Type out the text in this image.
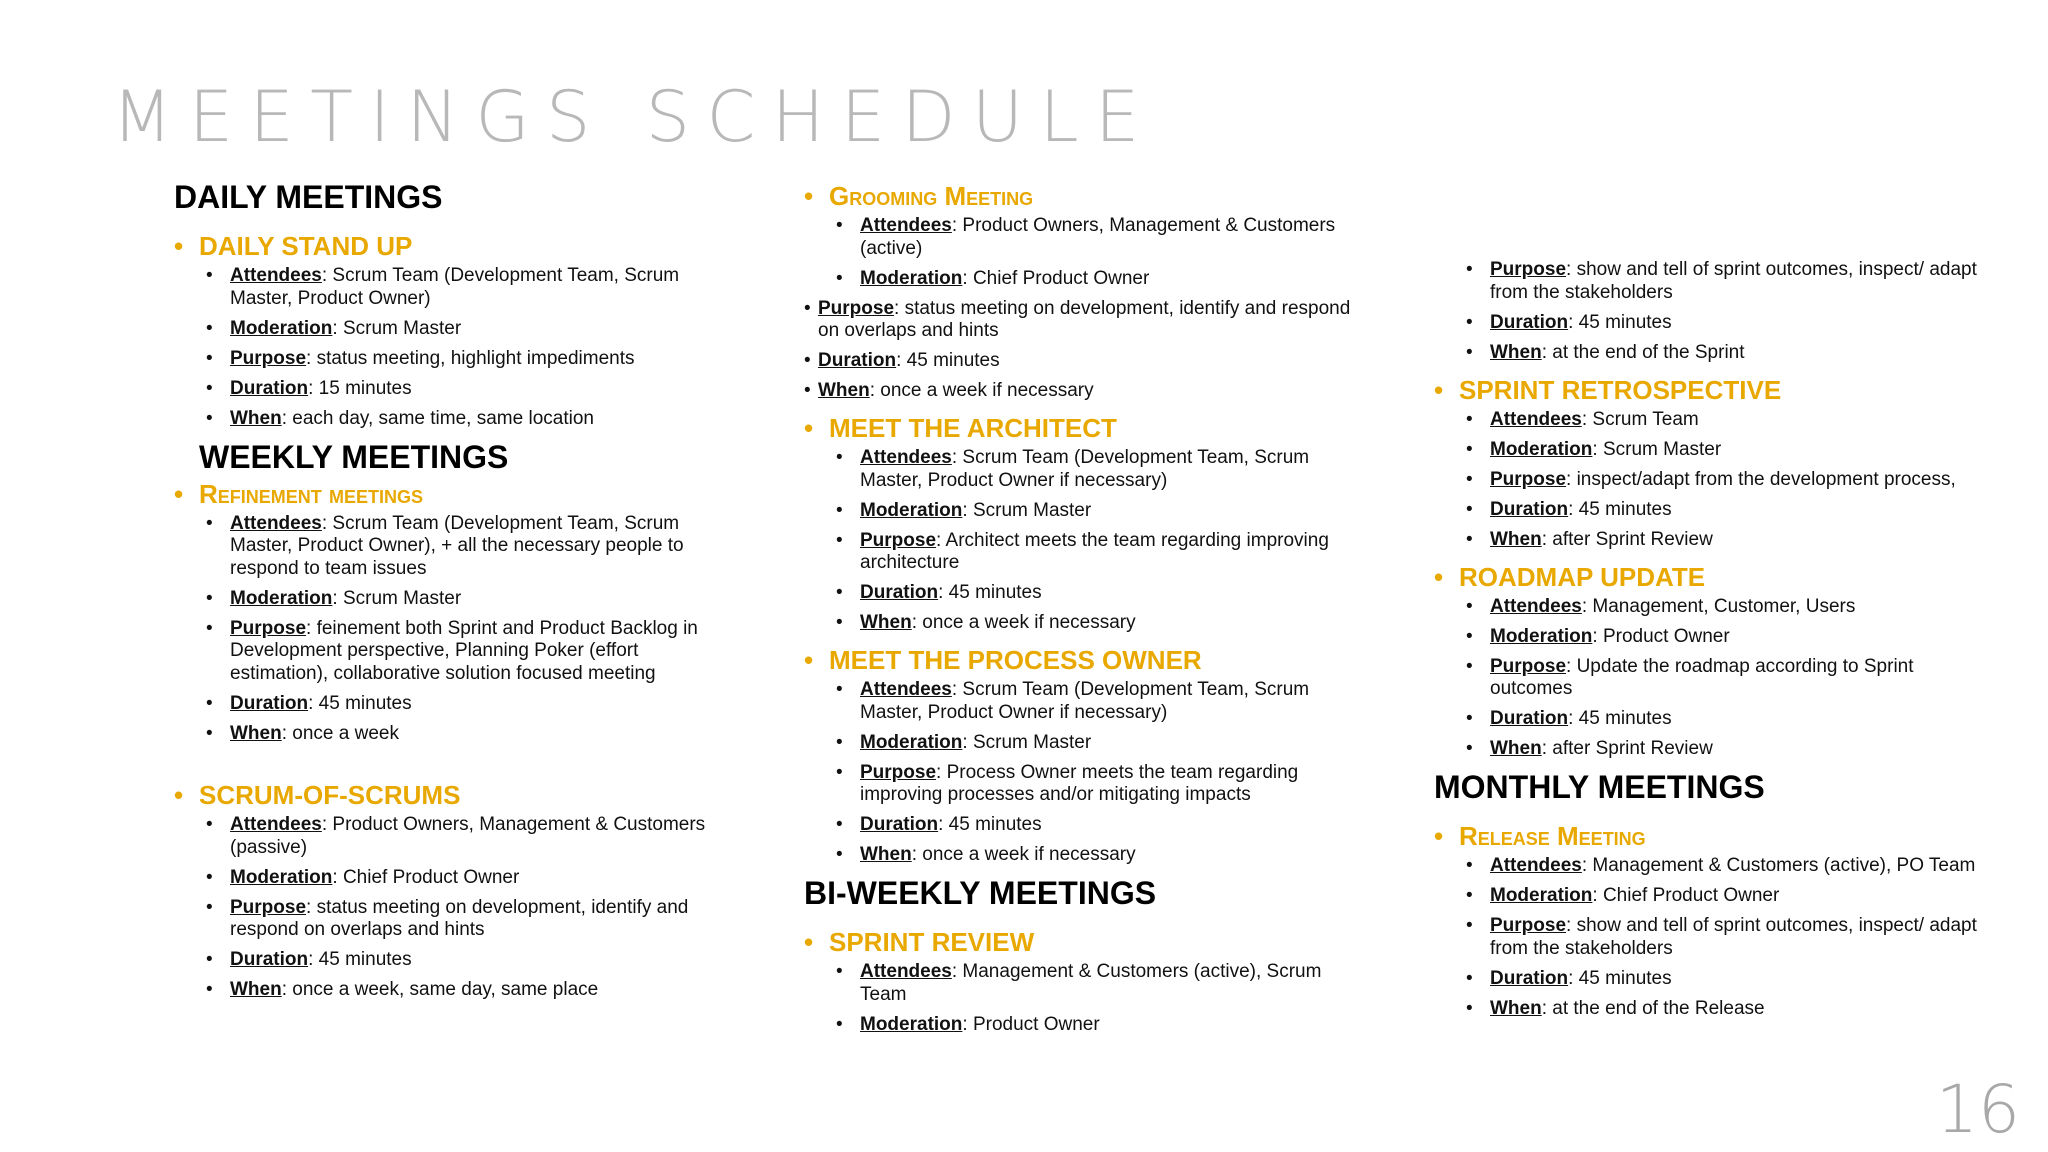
MEETINGS SCHEDULE
DAILY MEETINGS
• DAILY STAND UP
• Attendees: Scrum Team (Development Team, Scrum Master, Product Owner)
• Moderation: Scrum Master
• Purpose: status meeting, highlight impediments
• Duration: 15 minutes
• When: each day, same time, same location
WEEKLY MEETINGS
• Refinement meetings
• Attendees: Scrum Team (Development Team, Scrum Master, Product Owner), + all the necessary people to respond to team issues
• Moderation: Scrum Master
• Purpose: feinement both Sprint and Product Backlog in Development perspective, Planning Poker (effort estimation), collaborative solution focused meeting
• Duration: 45 minutes
• When: once a week
• SCRUM-OF-SCRUMS
• Attendees: Product Owners, Management & Customers (passive)
• Moderation: Chief Product Owner
• Purpose: status meeting on development, identify and respond on overlaps and hints
• Duration: 45 minutes
• When: once a week, same day, same place
• Grooming Meeting
• Attendees: Product Owners, Management & Customers (active)
• Moderation: Chief Product Owner
• Purpose: status meeting on development, identify and respond on overlaps and hints
• Duration: 45 minutes
• When: once a week if necessary
• MEET THE ARCHITECT
• Attendees: Scrum Team (Development Team, Scrum Master, Product Owner if necessary)
• Moderation: Scrum Master
• Purpose: Architect meets the team regarding improving architecture
• Duration: 45 minutes
• When: once a week if necessary
• MEET THE PROCESS OWNER
• Attendees: Scrum Team (Development Team, Scrum Master, Product Owner if necessary)
• Moderation: Scrum Master
• Purpose: Process Owner meets the team regarding improving processes and/or mitigating impacts
• Duration: 45 minutes
• When: once a week if necessary
BI-WEEKLY MEETINGS
• SPRINT REVIEW
• Attendees: Management & Customers (active), Scrum Team
• Moderation: Product Owner
• Purpose: show and tell of sprint outcomes, inspect/ adapt from the stakeholders
• Duration: 45 minutes
• When: at the end of the Sprint
• SPRINT RETROSPECTIVE
• Attendees: Scrum Team
• Moderation: Scrum Master
• Purpose: inspect/adapt from the development process,
• Duration: 45 minutes
• When: after Sprint Review
• ROADMAP UPDATE
• Attendees: Management, Customer, Users
• Moderation: Product Owner
• Purpose: Update the roadmap according to Sprint outcomes
• Duration: 45 minutes
• When: after Sprint Review
MONTHLY MEETINGS
• Release Meeting
• Attendees: Management & Customers (active), PO Team
• Moderation: Chief Product Owner
• Purpose: show and tell of sprint outcomes, inspect/ adapt from the stakeholders
• Duration: 45 minutes
• When: at the end of the Release
16
